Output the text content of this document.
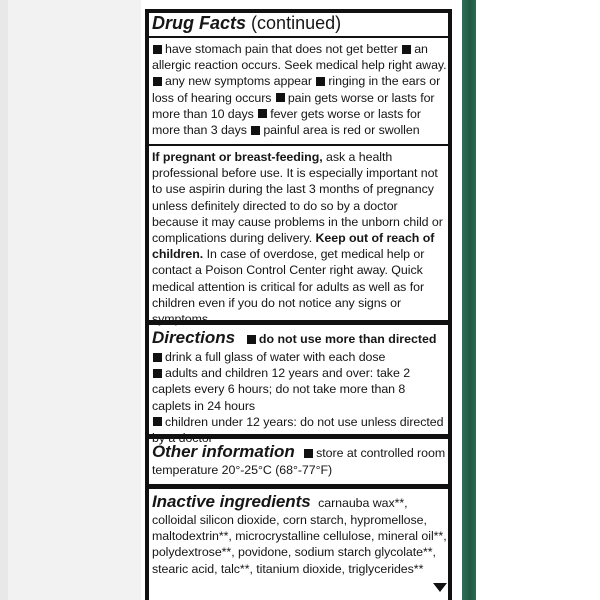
Drug Facts (continued)
have stomach pain that does not get better an allergic reaction occurs. Seek medical help right away. any new symptoms appear ringing in the ears or loss of hearing occurs pain gets worse or lasts for more than 10 days fever gets worse or lasts for more than 3 days painful area is red or swollen
If pregnant or breast-feeding, ask a health professional before use. It is especially important not to use aspirin during the last 3 months of pregnancy unless definitely directed to do so by a doctor because it may cause problems in the unborn child or complications during delivery. Keep out of reach of children. In case of overdose, get medical help or contact a Poison Control Center right away. Quick medical attention is critical for adults as well as for children even if you do not notice any signs or
Directions do not use more than directed
drink a full glass of water with each dose
adults and children 12 years and over: take 2 caplets every 6 hours; do not take more than 8 caplets in 24 hours
children under 12 years: do not use unless directed
Other information store at controlled room temperature 20°-25°C (68°-77°F)
Inactive ingredients carnauba wax**, colloidal silicon dioxide, corn starch, hypromellose, maltodextrin**, microcrystalline cellulose, mineral oil**, polydextrose**, povidone, sodium starch glycolate**, stearic acid, talc**, titanium dioxide, triglycerides**
